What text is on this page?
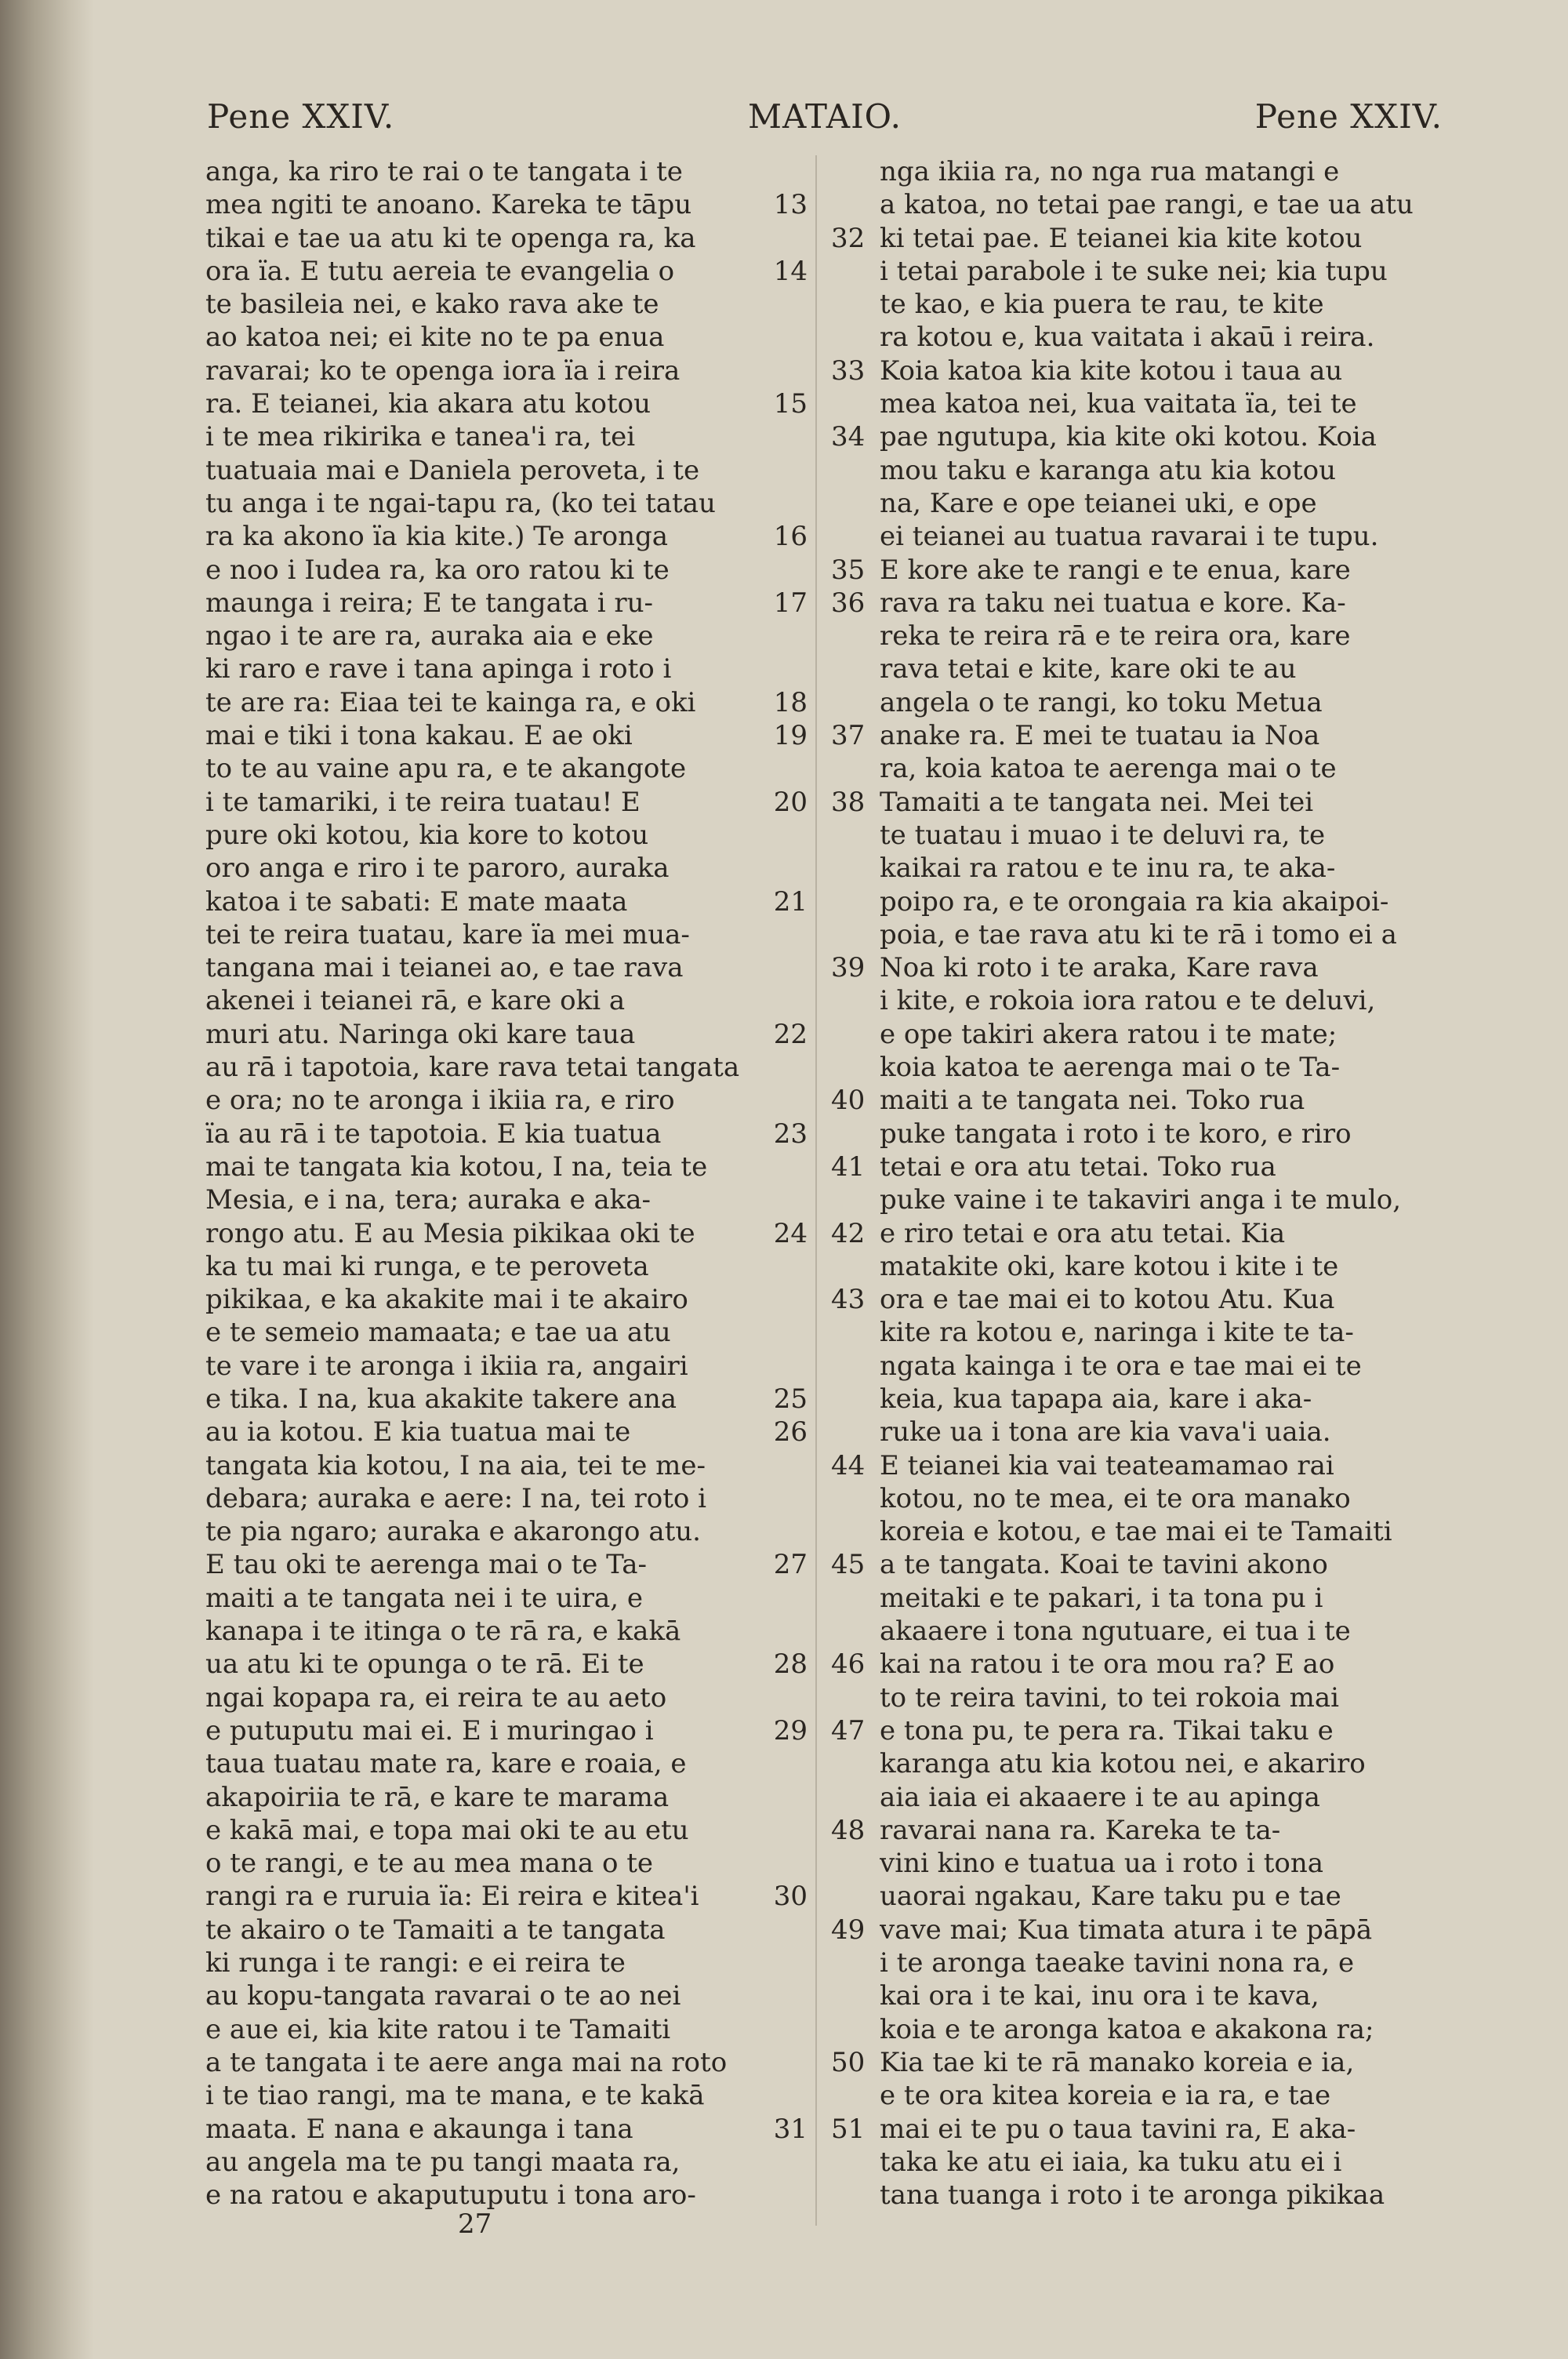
Pene XXIV.	MATAIO.	Pene XXIV.
anga, ka riro te rai o te tangata i te
mea ngiti te anoano. Kareka te tāpu	13
tikai e tae ua atu ki te openga ra, ka
ora ïa. E tutu aereia te evangelia o	14
te basileia nei, e kako rava ake te
ao katoa nei; ei kite no te pa enua
ravarai; ko te openga iora ïa i reira
ra. E teianei, kia akara atu kotou	15
i te mea rikirika e tanea'i ra, tei
tuatuaia mai e Daniela peroveta, i te
tu anga i te ngai-tapu ra, (ko tei tatau
ra ka akono ïa kia kite.) Te aronga	16
e noo i Iudea ra, ka oro ratou ki te
maunga i reira; E te tangata i ru-	17
ngao i te are ra, auraka aia e eke
ki raro e rave i tana apinga i roto i
te are ra: Eiaa tei te kainga ra, e oki	18
mai e tiki i tona kakau. E ae oki	19
to te au vaine apu ra, e te akangote
i te tamariki, i te reira tuatau! E	20
pure oki kotou, kia kore to kotou
oro anga e riro i te paroro, auraka
katoa i te sabati: E mate maata	21
tei te reira tuatau, kare ïa mei mua-
tangana mai i teianei ao, e tae rava
akenei i teianei rā, e kare oki a
muri atu. Naringa oki kare taua	22
au rā i tapotoia, kare rava tetai tangata
e ora; no te aronga i ikiia ra, e riro
ïa au rā i te tapotoia. E kia tuatua	23
mai te tangata kia kotou, I na, teia te
Mesia, e i na, tera; auraka e aka-
rongo atu. E au Mesia pikikaa oki te	24
ka tu mai ki runga, e te peroveta
pikikaa, e ka akakite mai i te akairo
e te semeio mamaata; e tae ua atu
te vare i te aronga i ikiia ra, angairi
e tika. I na, kua akakite takere ana	25
au ia kotou. E kia tuatua mai te	26
tangata kia kotou, I na aia, tei te me-
debara; auraka e aere: I na, tei roto i
te pia ngaro; auraka e akarongo atu.
E tau oki te aerenga mai o te Ta-	27
maiti a te tangata nei i te uira, e
kanapa i te itinga o te rā ra, e kakā
ua atu ki te opunga o te rā. Ei te	28
ngai kopapa ra, ei reira te au aeto
e putuputu mai ei. E i muringao i	29
taua tuatau mate ra, kare e roaia, e
akapoiriia te rā, e kare te marama
e kakā mai, e topa mai oki te au etu
o te rangi, e te au mea mana o te
rangi ra e ruruia ïa: Ei reira e kitea'i	30
te akairo o te Tamaiti a te tangata
ki runga i te rangi: e ei reira te
au kopu-tangata ravarai o te ao nei
e aue ei, kia kite ratou i te Tamaiti
a te tangata i te aere anga mai na roto
i te tiao rangi, ma te mana, e te kakā
maata. E nana e akaunga i tana	31
au angela ma te pu tangi maata ra,
e na ratou e akaputuputu i tona aro-
nga ikiia ra, no nga rua matangi e
a katoa, no tetai pae rangi, e tae ua atu
32 ki tetai pae. E teianei kia kite kotou
i tetai parabole i te suke nei; kia tupu
te kao, e kia puera te rau, te kite
ra kotou e, kua vaitata i akaū i reira.
33 Koia katoa kia kite kotou i taua au
mea katoa nei, kua vaitata ïa, tei te
34 pae ngutupa, kia kite oki kotou. Koia
mou taku e karanga atu kia kotou
na, Kare e ope teianei uki, e ope
ei teianei au tuatua ravarai i te tupu.
35 E kore ake te rangi e te enua, kare
36 rava ra taku nei tuatua e kore. Ka-
reka te reira rā e te reira ora, kare
rava tetai e kite, kare oki te au
angela o te rangi, ko toku Metua
37 anake ra. E mei te tuatau ia Noa
ra, koia katoa te aerenga mai o te
38 Tamaiti a te tangata nei. Mei tei
te tuatau i muao i te deluvi ra, te
kaikai ra ratou e te inu ra, te aka-
poipo ra, e te orongaia ra kia akaipoi-
poia, e tae rava atu ki te rā i tomo ei a
39 Noa ki roto i te araka, Kare rava
i kite, e rokoia iora ratou e te deluvi,
e ope takiri akera ratou i te mate;
koia katoa te aerenga mai o te Ta-
40 maiti a te tangata nei. Toko rua
puke tangata i roto i te koro, e riro
41 tetai e ora atu tetai. Toko rua
puke vaine i te takaviri anga i te mulo,
42 e riro tetai e ora atu tetai. Kia
matakite oki, kare kotou i kite i te
43 ora e tae mai ei to kotou Atu. Kua
kite ra kotou e, naringa i kite te ta-
ngata kainga i te ora e tae mai ei te
keia, kua tapapa aia, kare i aka-
ruke ua i tona are kia vava'i uaia.
44 E teianei kia vai teateamamao rai
kotou, no te mea, ei te ora manako
koreia e kotou, e tae mai ei te Tamaiti
45 a te tangata. Koai te tavini akono
meitaki e te pakari, i ta tona pu i
akaaere i tona ngutuare, ei tua i te
46 kai na ratou i te ora mou ra? E ao
to te reira tavini, to tei rokoia mai
47 e tona pu, te pera ra. Tikai taku e
karanga atu kia kotou nei, e akariro
aia iaia ei akaaere i te au apinga
48 ravarai nana ra. Kareka te ta-
vini kino e tuatua ua i roto i tona
uaorai ngakau, Kare taku pu e tae
49 vave mai; Kua timata atura i te pāpā
i te aronga taeake tavini nona ra, e
kai ora i te kai, inu ora i te kava,
koia e te aronga katoa e akakona ra;
50 Kia tae ki te rā manako koreia e ia,
e te ora kitea koreia e ia ra, e tae
51 mai ei te pu o taua tavini ra, E aka-
taka ke atu ei iaia, ka tuku atu ei i
tana tuanga i roto i te aronga pikikaa
27
